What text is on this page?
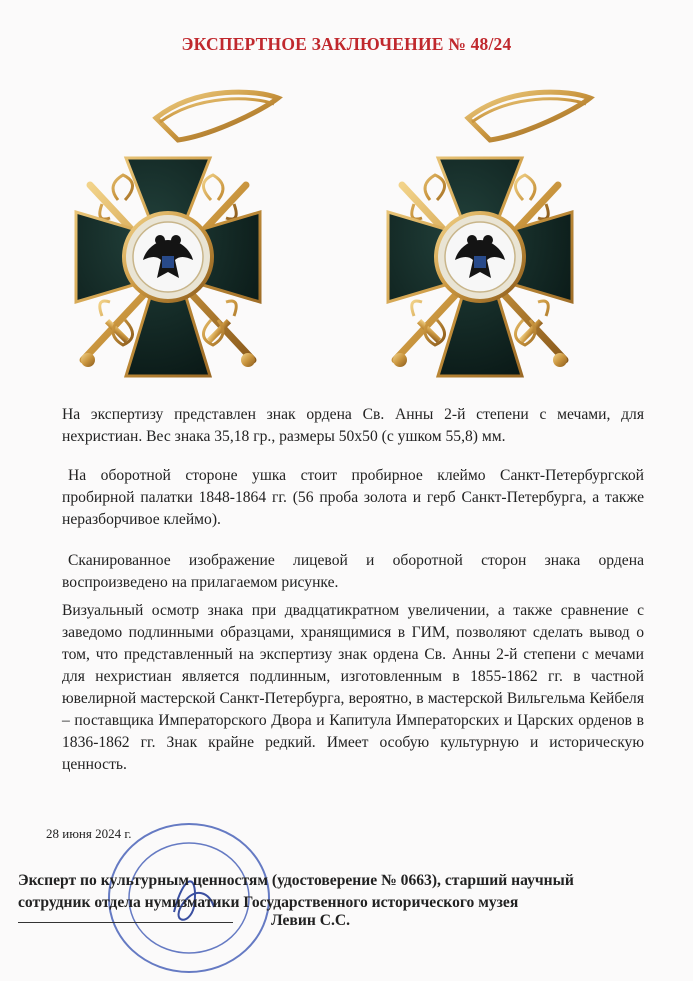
ЭКСПЕРТНОЕ ЗАКЛЮЧЕНИЕ № 48/24

На экспертизу представлен знак ордена Св. Анны 2-й степени с мечами, для нехристиан. Вес знака 35,18 гр., размеры 50х50 (с ушком 55,8) мм.

На оборотной стороне ушка стоит пробирное клеймо Санкт-Петербургской пробирной палатки 1848-1864 гг. (56 проба золота и герб Санкт-Петербурга, а также неразборчивое клеймо).

Сканированное изображение лицевой и оборотной сторон знака ордена воспроизведено на прилагаемом рисунке.

Визуальный осмотр знака при двадцатикратном увеличении, а также сравнение с заведомо подлинными образцами, хранящимися в ГИМ, позволяют сделать вывод о том, что представленный на экспертизу знак ордена Св. Анны 2-й степени с мечами для нехристиан является подлинным, изготовленным в 1855-1862 гг. в частной ювелирной мастерской Санкт-Петербурга, вероятно, в мастерской Вильгельма Кейбеля – поставщика Императорского Двора и Капитула Императорских и Царских орденов в 1836-1862 гг. Знак крайне редкий. Имеет особую культурную и историческую ценность.

28 июня 2024 г.

Эксперт по культурным ценностям (удостоверение № 0663), старший научный

сотрудник отдела нумизматики Государственного исторического музея

Левин С.С.
